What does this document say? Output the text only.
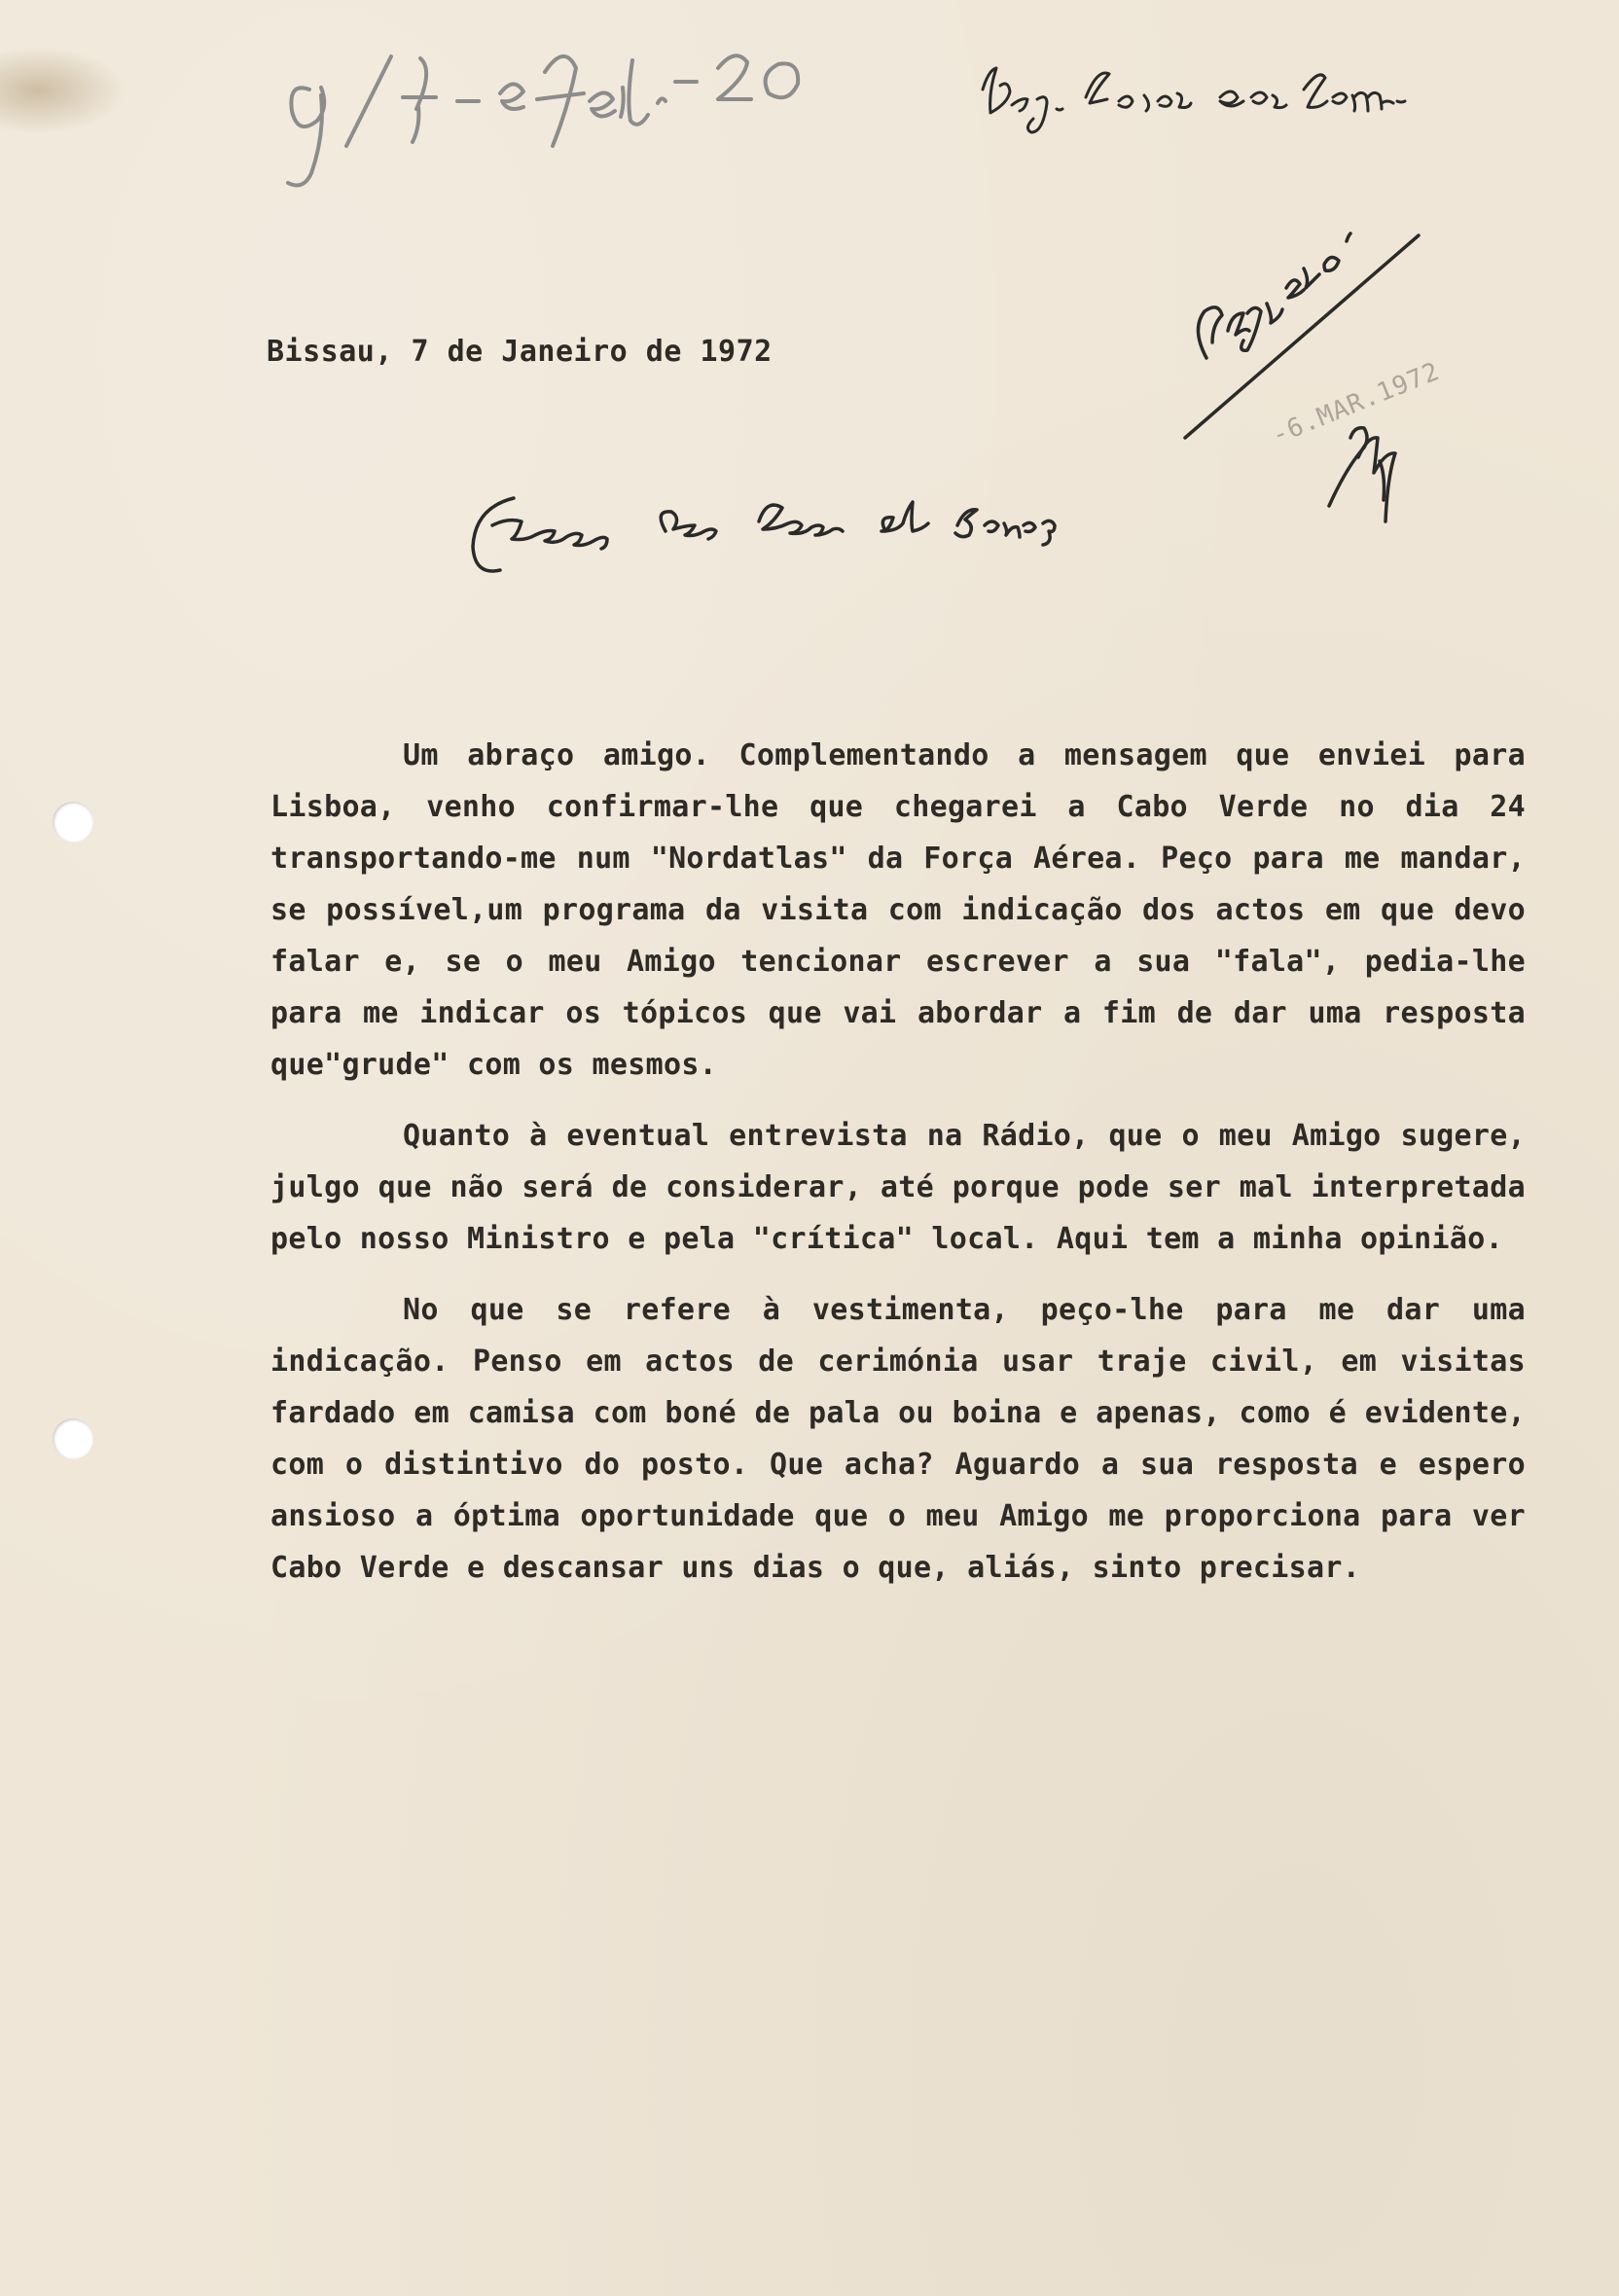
-6.MAR.1972

Bissau, 7 de Janeiro de 1972

Um abraço amigo. Complementando a mensagem que enviei para Lisboa, venho confirmar-lhe que chegarei a Cabo Verde no dia 24 transportando-me num "Nordatlas" da Força Aérea. Peço para me mandar, se possível,um programa da visita com indicação dos actos em que devo falar e, se o meu Amigo tencionar escrever a sua "fala", pedia-lhe para me indicar os tópicos que vai abordar a fim de dar uma resposta que"grude" com os mesmos.

Quanto à eventual entrevista na Rádio, que o meu Amigo sugere, julgo que não será de considerar, até porque pode ser mal interpretada pelo nosso Ministro e pela "crítica" local. Aqui tem a minha opinião.

No que se refere à vestimenta, peço-lhe para me dar uma indicação. Penso em actos de cerimónia usar traje civil, em visitas fardado em camisa com boné de pala ou boina e apenas, como é evidente, com o distintivo do posto. Que acha? Aguardo a sua resposta e espero ansioso a óptima oportunidade que o meu Amigo me proporciona para ver Cabo Verde e descansar uns dias o que, aliás, sinto precisar.
